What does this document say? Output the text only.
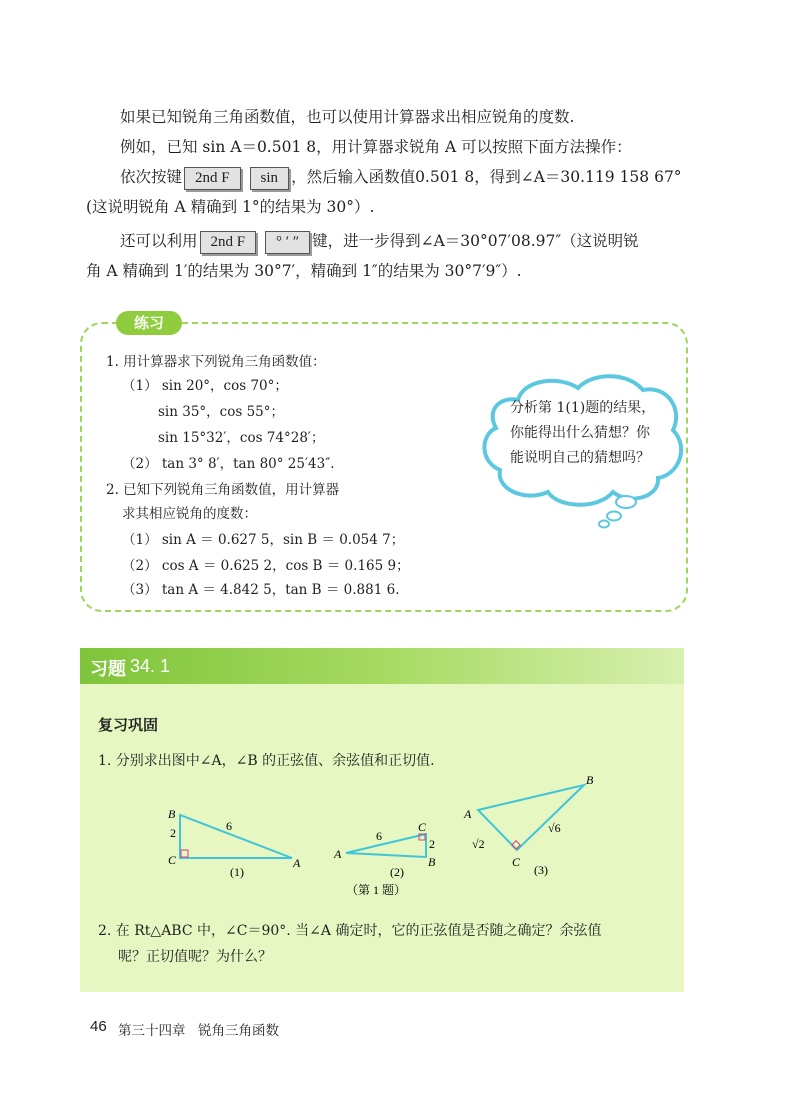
如果已知锐角三角函数值，也可以使用计算器求出相应锐角的度数.
例如，已知 sin A＝0.501 8，用计算器求锐角 A 可以按照下面方法操作：
依次按键 2nd F sin ，然后输入函数值0.501 8，得到∠A＝30.119 158 67°
(这说明锐角 A 精确到 1°的结果为 30°）.
还可以利用 2nd F ° ′ ″ 键，进一步得到∠A＝30°07′08.97″（这说明锐
角 A 精确到 1′的结果为 30°7′，精确到 1″的结果为 30°7′9″）.
练习
1. 用计算器求下列锐角三角函数值：
（1） sin 20°，cos 70°；
sin 35°，cos 55°；
sin 15°32′，cos 74°28′；
（2） tan 3° 8′，tan 80° 25′43″.
2. 已知下列锐角三角函数值，用计算器
求其相应锐角的度数：
（1） sin A ＝ 0.627 5，sin B ＝ 0.054 7；
（2） cos A ＝ 0.625 2，cos B ＝ 0.165 9；
（3） tan A ＝ 4.842 5，tan B ＝ 0.881 6.
分析第 1(1)题的结果，你能得出什么猜想？你能说明自己的猜想吗？
习题 34. 1
复习巩固
1. 分别求出图中∠A，∠B 的正弦值、余弦值和正切值.
B
C	A
2	6
(1)
A
C
B
6
2
(2)
A
B
C
√2
√6
(3)
（第 1 题）
2. 在 Rt△ABC 中，∠C＝90°. 当∠A 确定时，它的正弦值是否随之确定？余弦值
呢？正切值呢？为什么？
46 第三十四章 锐角三角函数
